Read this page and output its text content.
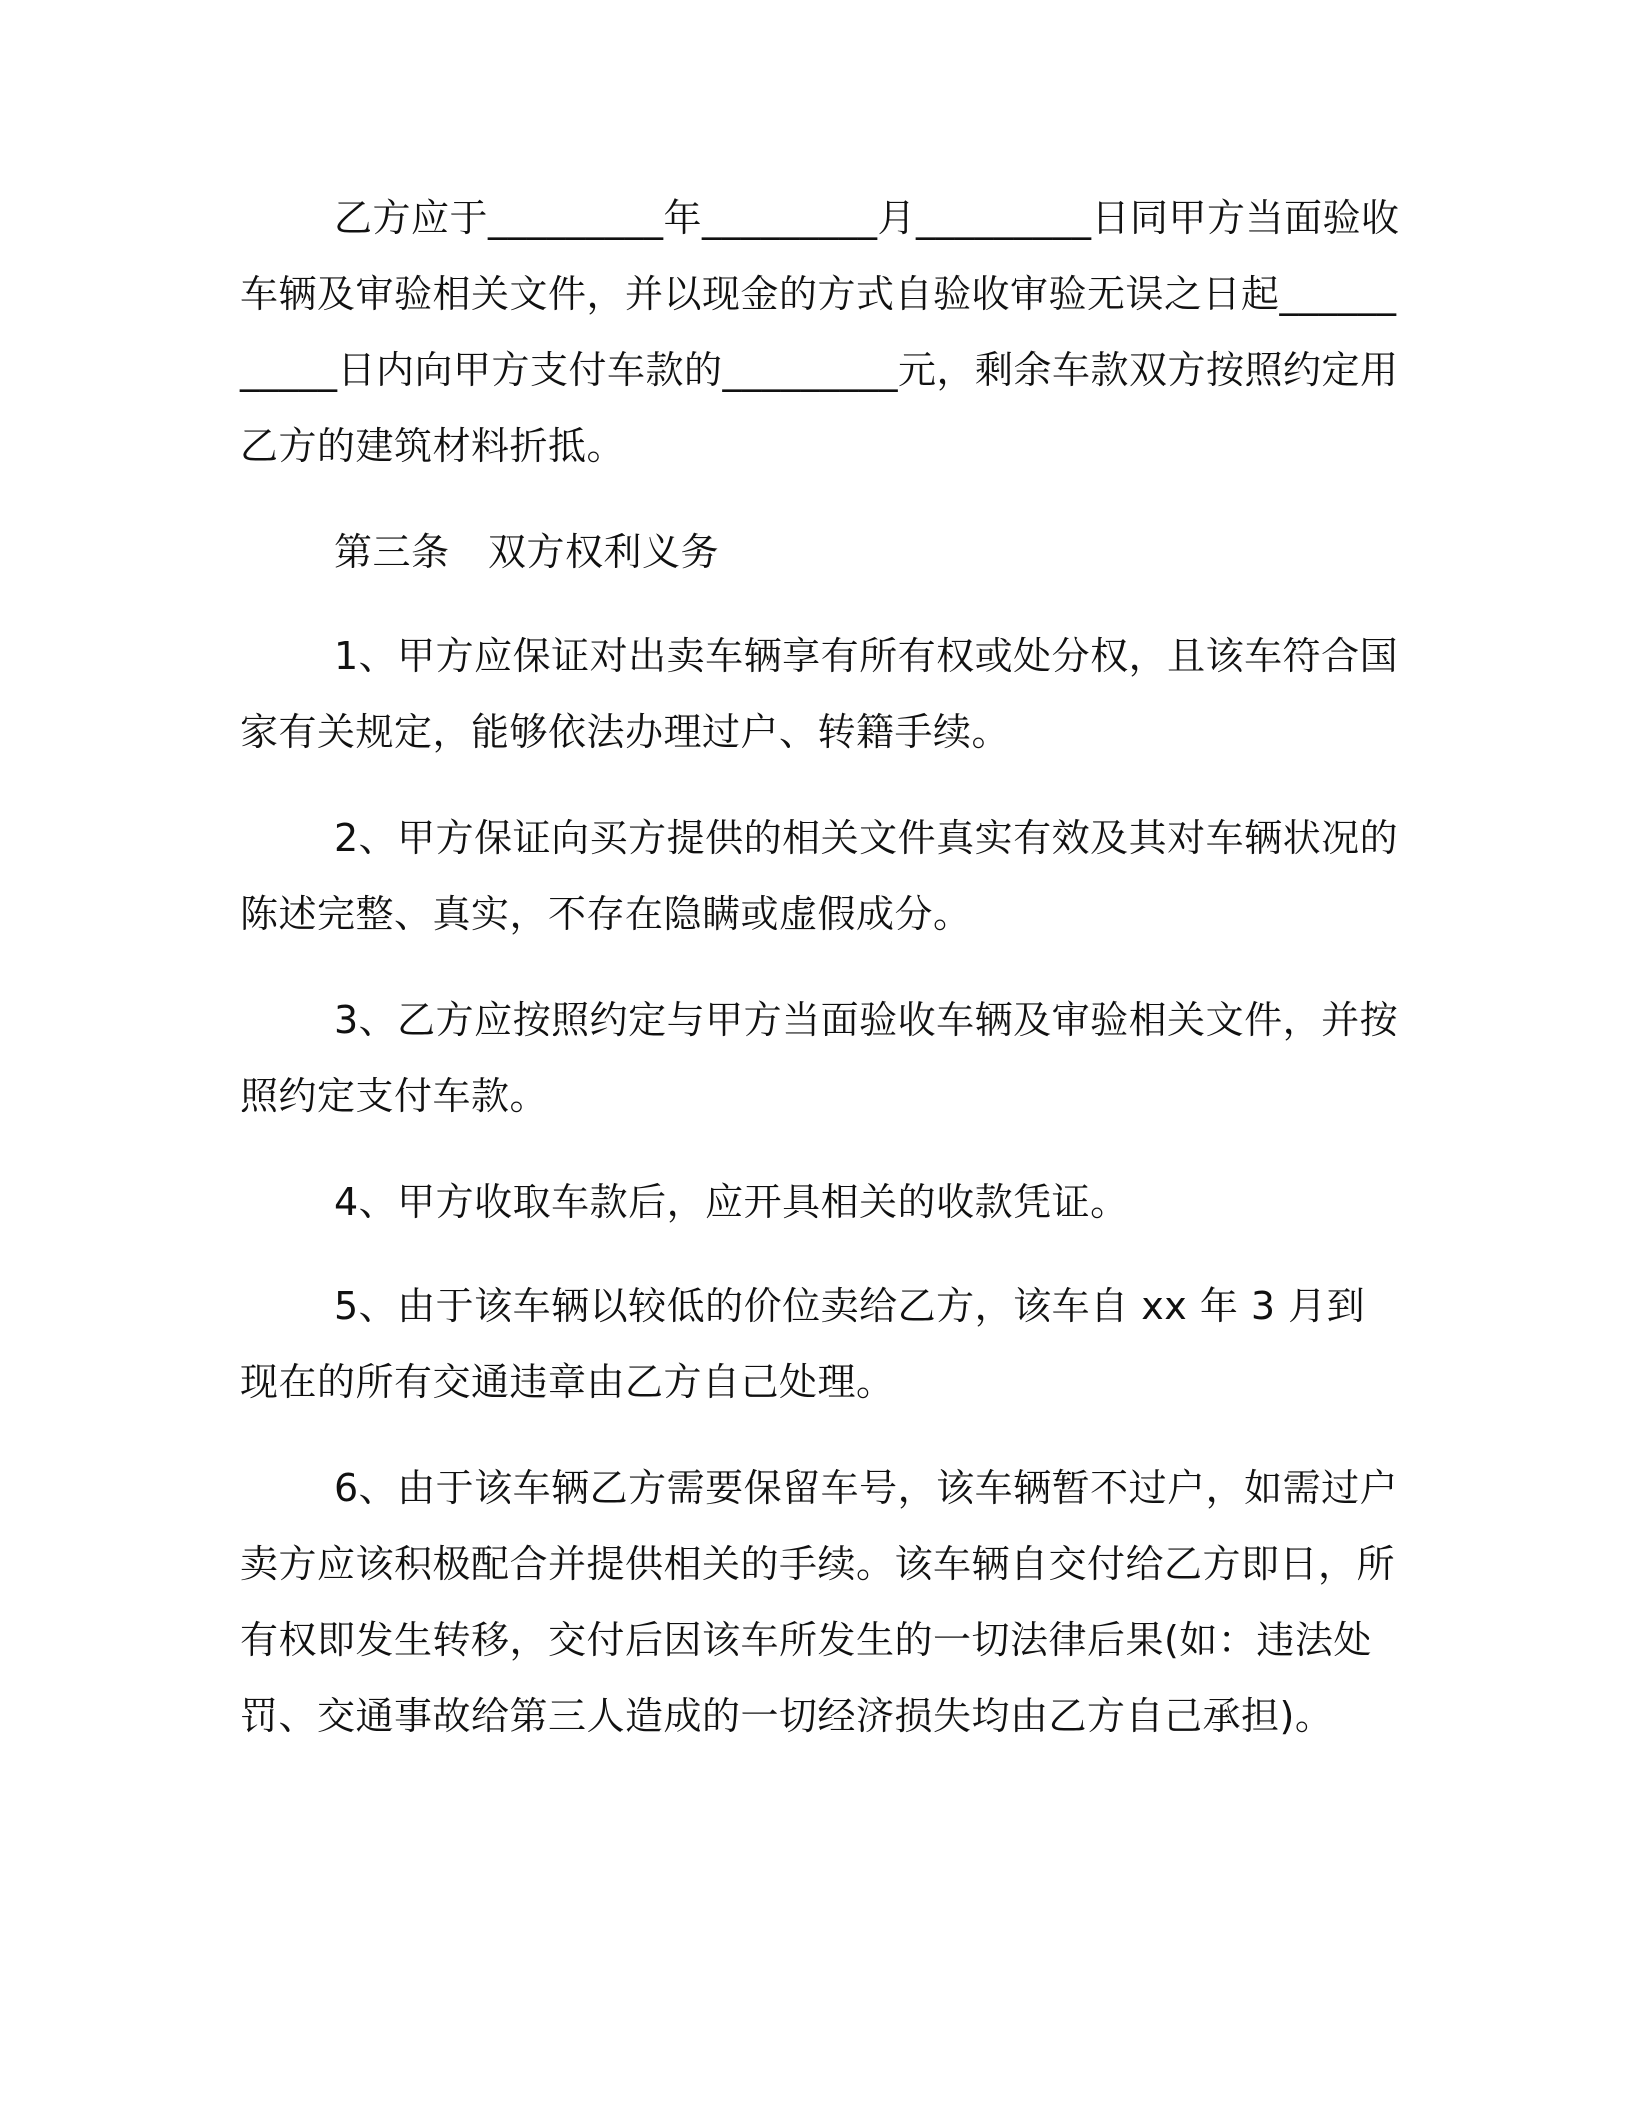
乙方应于_________年_________月_________日同甲方当面验收车辆及审验相关文件，并以现金的方式自验收审验无误之日起___________日内向甲方支付车款的_________元，剩余车款双方按照约定用乙方的建筑材料折抵。

第三条　双方权利义务

1、甲方应保证对出卖车辆享有所有权或处分权，且该车符合国家有关规定，能够依法办理过户、转籍手续。

2、甲方保证向买方提供的相关文件真实有效及其对车辆状况的陈述完整、真实，不存在隐瞒或虚假成分。

3、乙方应按照约定与甲方当面验收车辆及审验相关文件，并按照约定支付车款。

4、甲方收取车款后，应开具相关的收款凭证。

5、由于该车辆以较低的价位卖给乙方，该车自 xx 年 3 月到现在的所有交通违章由乙方自己处理。

6、由于该车辆乙方需要保留车号，该车辆暂不过户，如需过户卖方应该积极配合并提供相关的手续。该车辆自交付给乙方即日，所有权即发生转移，交付后因该车所发生的一切法律后果(如：违法处罚、交通事故给第三人造成的一切经济损失均由乙方自己承担)。
